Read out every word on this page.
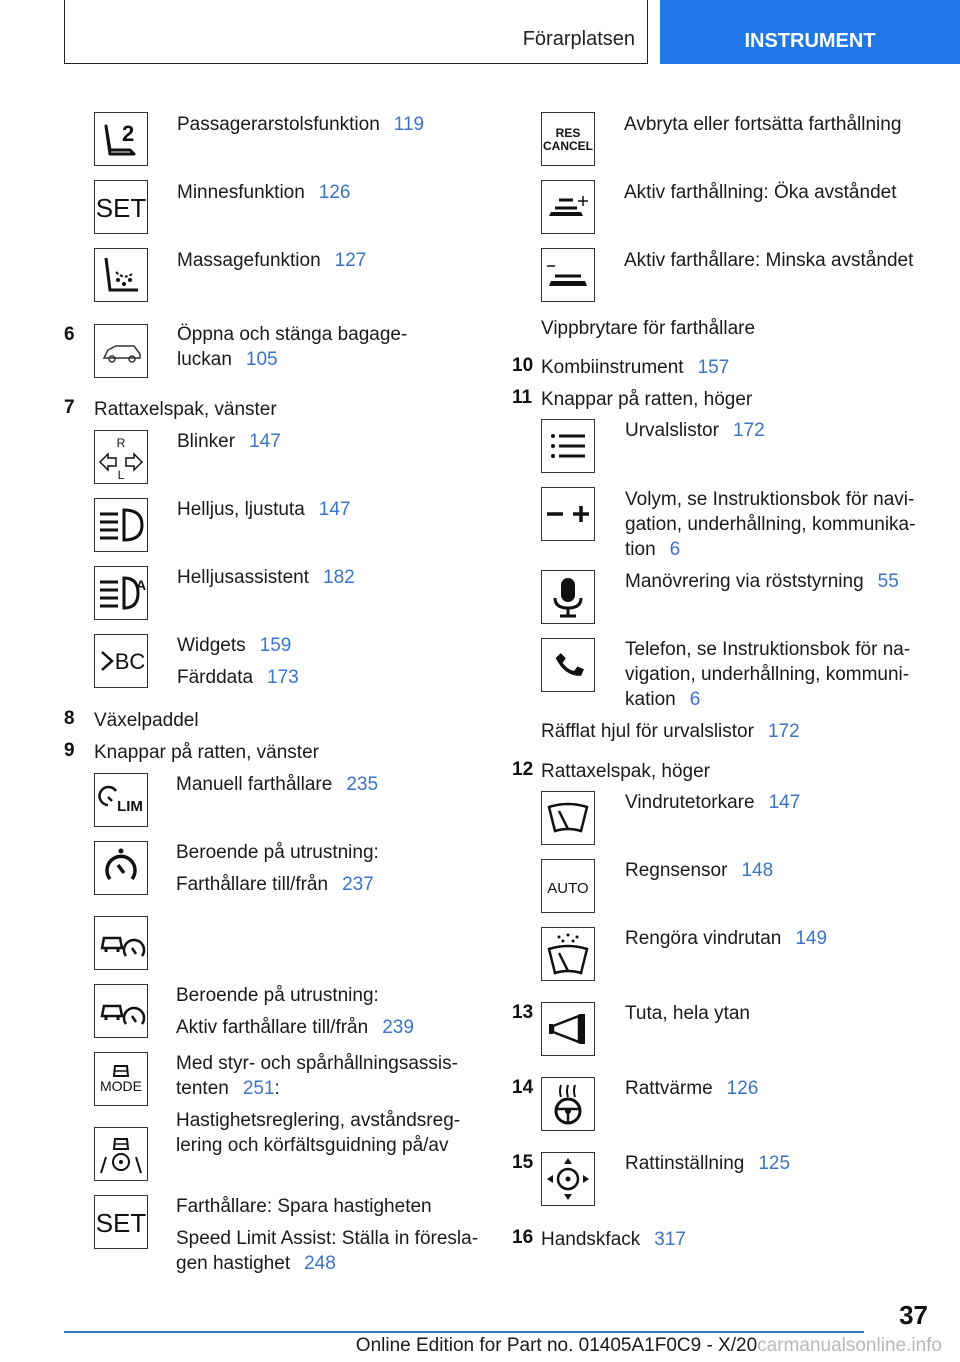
Förarplatsen	INSTRUMENT
2 Passagerarstolsfunktion 119
SET
Minnesfunktion 126
Massagefunktion 127
6	Öppna och stänga bagage-
luckan 105
7 Rattaxelspak, vänster
R
L
Blinker 147
Helljus, ljustuta 147
A Helljusassistent 182
BC
Widgets 159
Färddata 173
8 Växelpaddel
9 Knappar på ratten, vänster
LIM
Manuell farthållare 235
Beroende på utrustning:
Farthållare till/från 237
Beroende på utrustning:
Aktiv farthållare till/från 239
MODE
Med styr- och spårhållningsassis-
tenten 251:
Hastighetsreglering, avståndsreg-
lering och körfältsguidning på/av
SET
Farthållare: Spara hastigheten
Speed Limit Assist: Ställa in föresla-
gen hastighet 248
RES
CANCEL
Avbryta eller fortsätta farthållning
Aktiv farthållning: Öka avståndet
Aktiv farthållare: Minska avståndet
Vippbrytare för farthållare
10 Kombiinstrument 157
11 Knappar på ratten, höger
Urvalslistor 172
Volym, se Instruktionsbok för navi-
gation, underhållning, kommunika-
tion 6
Manövrering via röststyrning 55
Telefon, se Instruktionsbok för na-
vigation, underhållning, kommuni-
kation 6
Räfflat hjul för urvalslistor 172
12 Rattaxelspak, höger
Vindrutetorkare 147
AUTO
Regnsensor 148
Rengöra vindrutan 149
13	Tuta, hela ytan
14	Rattvärme 126
15	Rattinställning 125
16 Handskfack 317
37
Online Edition for Part no. 01405A1F0C9 - X/20carmanualsonline.info
